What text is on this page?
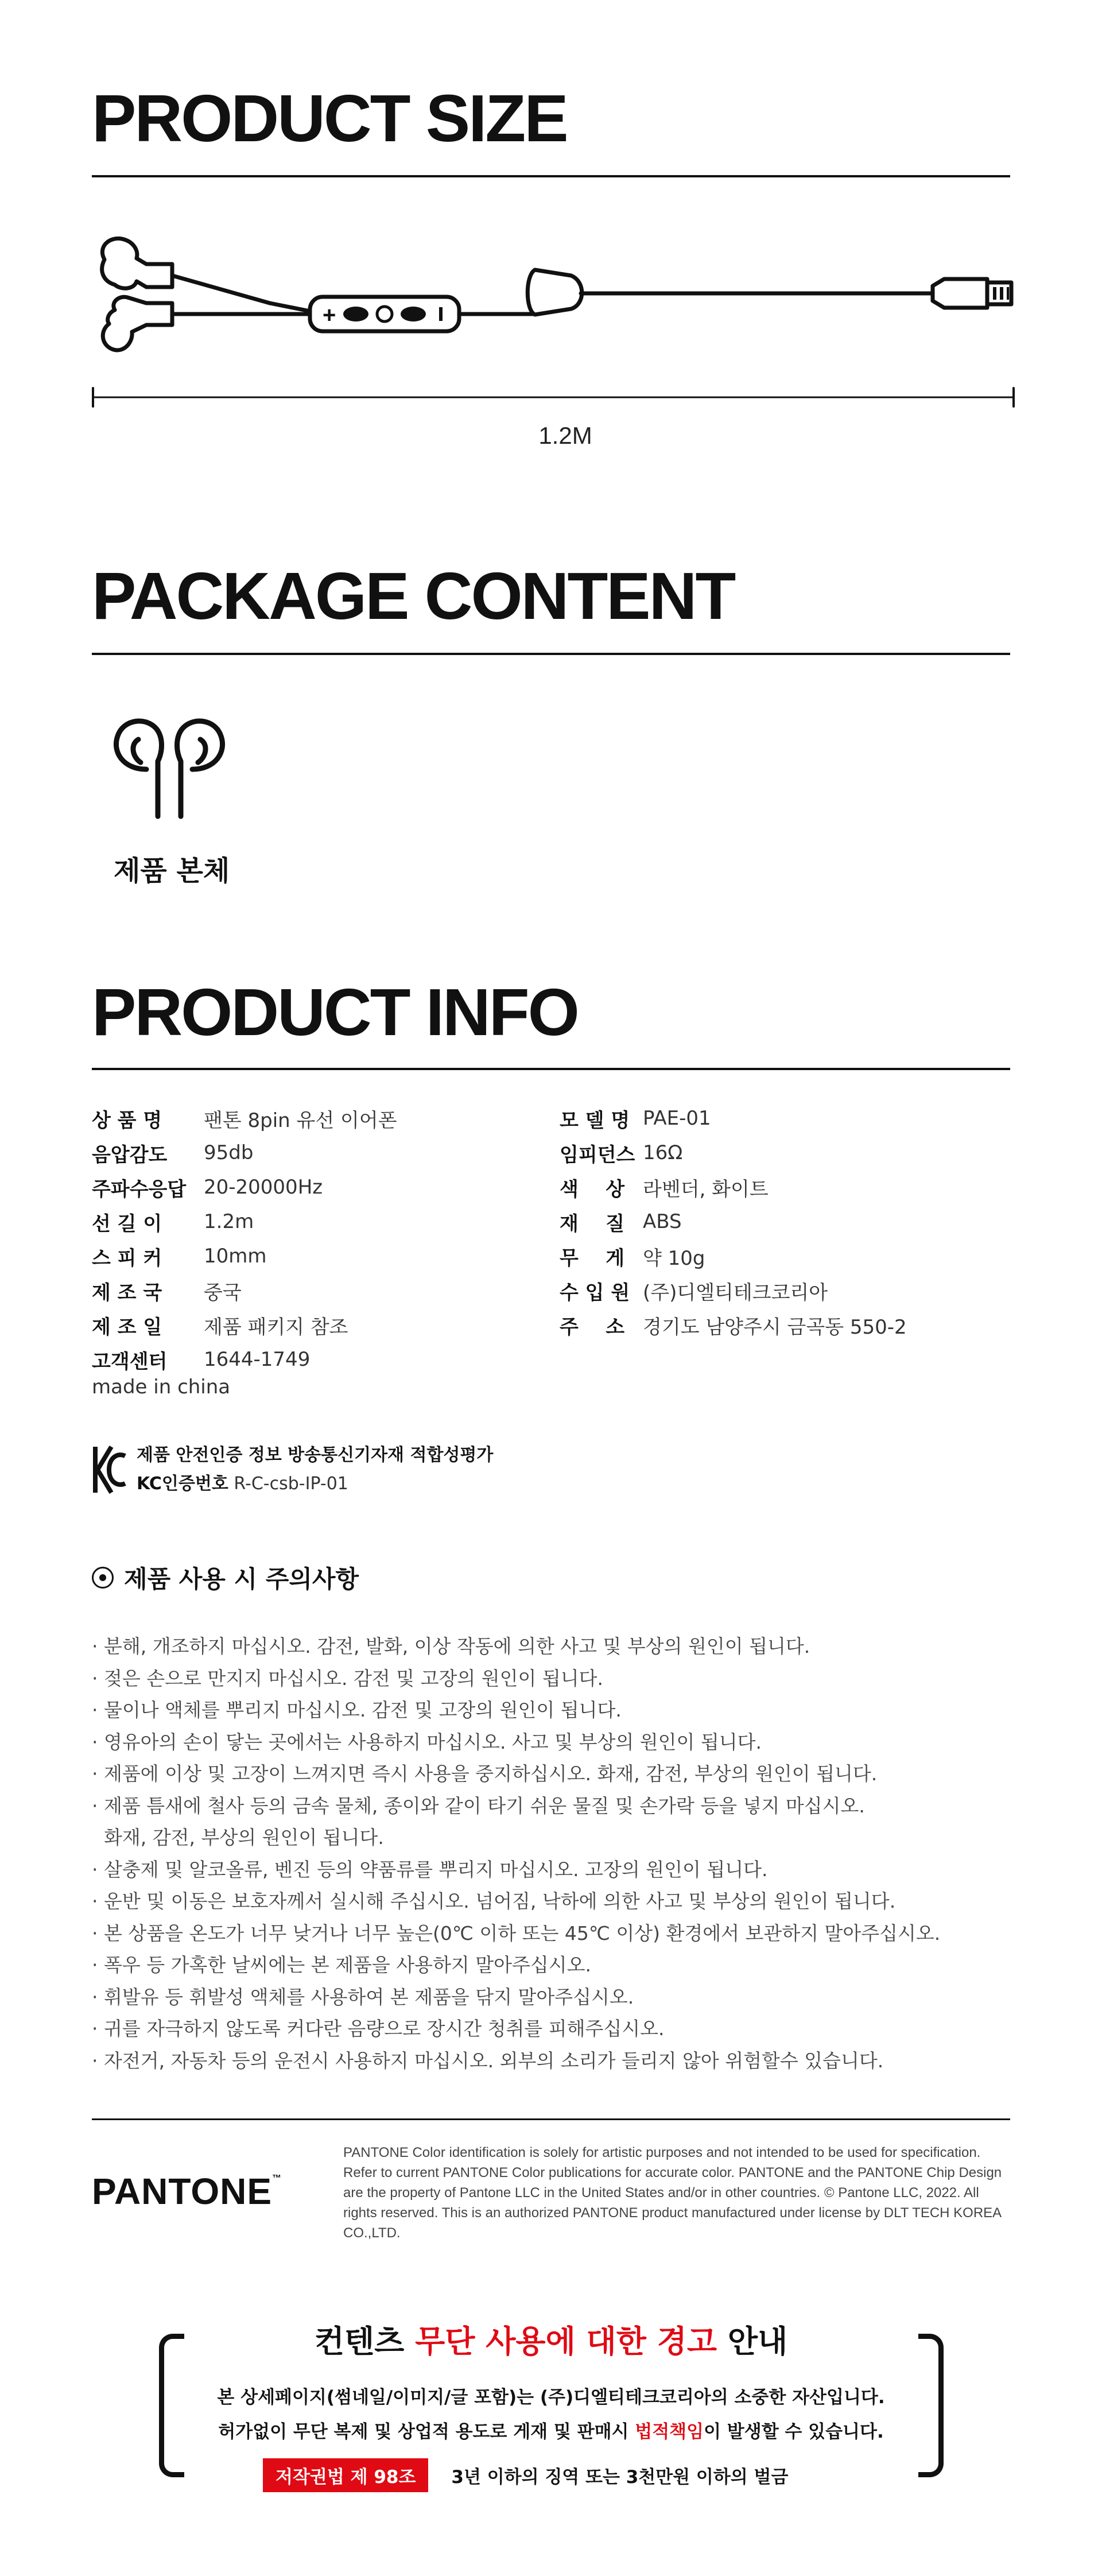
PRODUCT SIZE
+
1.2M
PACKAGE CONTENT
제품 본체
PRODUCT INFO
상 품 명	팬톤 8pin 유선 이어폰
음압감도	95db
주파수응답 20-20000Hz
선 길 이	1.2m
스 피 커	10mm
제 조 국	중국
제 조 일	제품 패키지 참조
고객센터	1644-1749
모 델 명 PAE-01
임피던스 16Ω
색    상 라벤더, 화이트
재    질 ABS
무    게 약 10g
수 입 원 (주)디엘티테크코리아
주    소 경기도 남양주시 금곡동 550-2
made in china
제품 안전인증 정보 방송통신기자재 적합성평가
KC인증번호 R-C-csb-IP-01
제품 사용 시 주의사항
· 분해, 개조하지 마십시오. 감전, 발화, 이상 작동에 의한 사고 및 부상의 원인이 됩니다.
· 젖은 손으로 만지지 마십시오. 감전 및 고장의 원인이 됩니다.
· 물이나 액체를 뿌리지 마십시오. 감전 및 고장의 원인이 됩니다.
· 영유아의 손이 닿는 곳에서는 사용하지 마십시오. 사고 및 부상의 원인이 됩니다.
· 제품에 이상 및 고장이 느껴지면 즉시 사용을 중지하십시오. 화재, 감전, 부상의 원인이 됩니다.
· 제품 틈새에 철사 등의 금속 물체, 종이와 같이 타기 쉬운 물질 및 손가락 등을 넣지 마십시오.
화재, 감전, 부상의 원인이 됩니다.
· 살충제 및 알코올류, 벤진 등의 약품류를 뿌리지 마십시오. 고장의 원인이 됩니다.
· 운반 및 이동은 보호자께서 실시해 주십시오. 넘어짐, 낙하에 의한 사고 및 부상의 원인이 됩니다.
· 본 상품을 온도가 너무 낮거나 너무 높은(0℃ 이하 또는 45℃ 이상) 환경에서 보관하지 말아주십시오.
· 폭우 등 가혹한 날씨에는 본 제품을 사용하지 말아주십시오.
· 휘발유 등 휘발성 액체를 사용하여 본 제품을 닦지 말아주십시오.
· 귀를 자극하지 않도록 커다란 음량으로 장시간 청취를 피해주십시오.
· 자전거, 자동차 등의 운전시 사용하지 마십시오. 외부의 소리가 들리지 않아 위험할수 있습니다.
PANTONE™
PANTONE Color identification is solely for artistic purposes and not intended to be used for specification. Refer to current PANTONE Color publications for accurate color. PANTONE and the PANTONE Chip Design are the property of Pantone LLC in the United States and/or in other countries. © Pantone LLC, 2022. All rights reserved. This is an authorized PANTONE product manufactured under license by DLT TECH KOREA CO.,LTD.
컨텐츠 무단 사용에 대한 경고 안내
본 상세페이지(썸네일/이미지/글 포함)는 (주)디엘티테크코리아의 소중한 자산입니다.
허가없이 무단 복제 및 상업적 용도로 게재 및 판매시 법적책임이 발생할 수 있습니다.
저작권법 제 98조	3년 이하의 징역 또는 3천만원 이하의 벌금
